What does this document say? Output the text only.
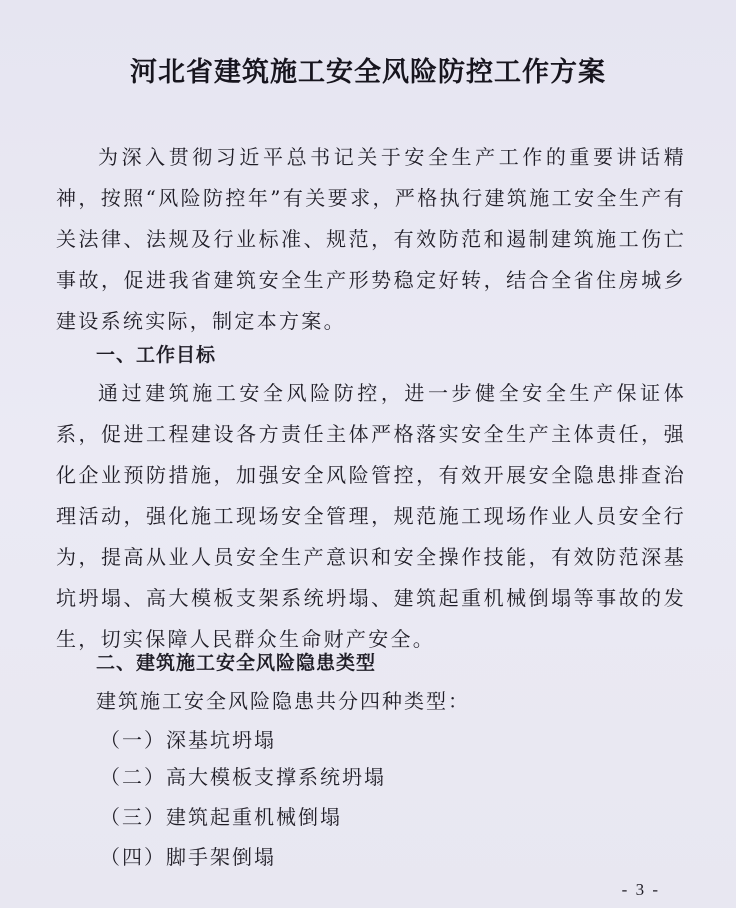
河北省建筑施工安全风险防控工作方案
为深入贯彻习近平总书记关于安全生产工作的重要讲话精神，按照“风险防控年”有关要求，严格执行建筑施工安全生产有关法律、法规及行业标准、规范，有效防范和遏制建筑施工伤亡事故，促进我省建筑安全生产形势稳定好转，结合全省住房城乡建设系统实际，制定本方案。
一、工作目标
通过建筑施工安全风险防控，进一步健全安全生产保证体系，促进工程建设各方责任主体严格落实安全生产主体责任，强化企业预防措施，加强安全风险管控，有效开展安全隐患排查治理活动，强化施工现场安全管理，规范施工现场作业人员安全行为，提高从业人员安全生产意识和安全操作技能，有效防范深基坑坍塌、高大模板支架系统坍塌、建筑起重机械倒塌等事故的发生，切实保障人民群众生命财产安全。
二、建筑施工安全风险隐患类型
建筑施工安全风险隐患共分四种类型：
（一）深基坑坍塌
（二）高大模板支撑系统坍塌
（三）建筑起重机械倒塌
（四）脚手架倒塌
- 3 -
